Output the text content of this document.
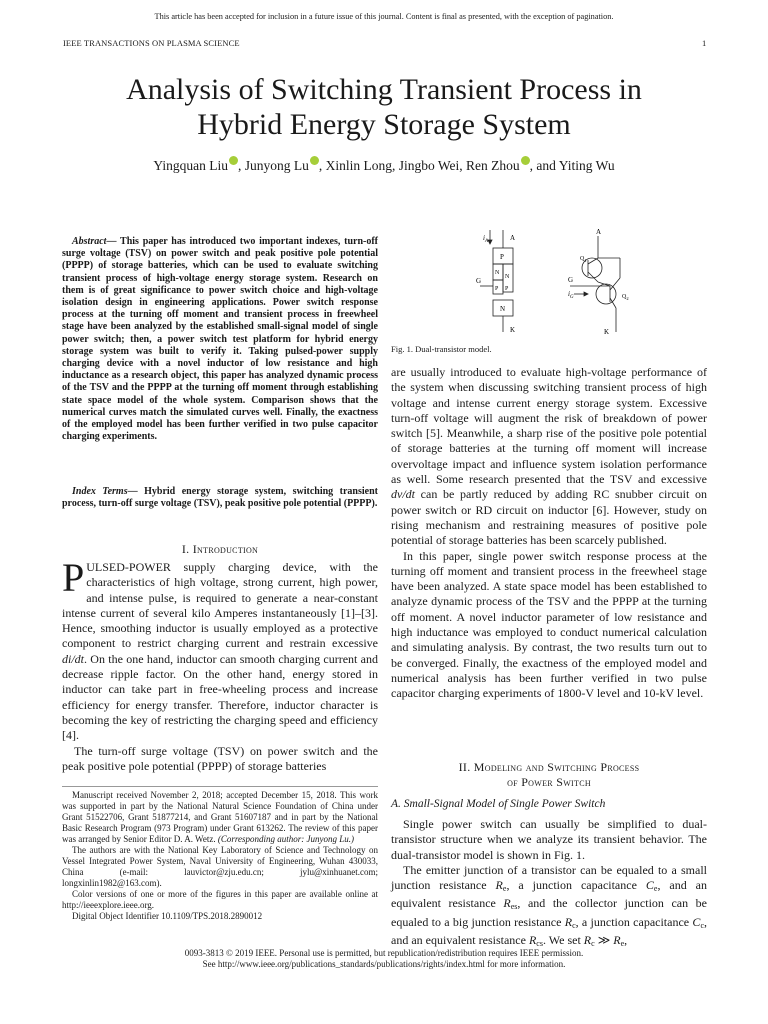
This article has been accepted for inclusion in a future issue of this journal. Content is final as presented, with the exception of pagination.
IEEE TRANSACTIONS ON PLASMA SCIENCE	1
Analysis of Switching Transient Process in
Hybrid Energy Storage System
Yingquan Liu , Junyong Lu , Xinlin Long, Jingbo Wei, Ren Zhou , and Yiting Wu
Abstract— This paper has introduced two important indexes, turn-off surge voltage (TSV) on power switch and peak positive pole potential (PPPP) of storage batteries, which can be used to evaluate switching transient process of high-voltage energy storage system. Research on them is of great significance to power switch choice and high-voltage isolation design in engineering applications. Power switch response process at the turning off moment and transient process in freewheel stage have been analyzed by the established small-signal model of single power switch; then, a power switch test platform for hybrid energy storage system was built to verify it. Taking pulsed-power supply charging device with a novel inductor of low resistance and high inductance as a research object, this paper has analyzed dynamic process of the TSV and the PPPP at the turning off moment through establishing state space model of the whole system. Comparison shows that the numerical curves match the simulated curves well. Finally, the exactness of the employed model has been further verified in two pulse capacitor charging experiments.
Index Terms— Hybrid energy storage system, switching transient process, turn-off surge voltage (TSV), peak positive pole potential (PPPP).
I. Introduction

PULSED-POWER supply charging device, with the characteristics of high voltage, strong current, high power, and intense pulse, is required to generate a near-constant intense current of several kilo Amperes instantaneously [1]–[3]. Hence, smoothing inductor is usually employed as a protective component to restrict charging current and restrain excessive di/dt. On the one hand, inductor can smooth charging current and decrease ripple factor. On the other hand, energy stored in inductor can take part in free-wheeling process and increase efficiency for energy transfer. Therefore, inductor character is becoming the key of restricting the charging speed and efficiency [4].

The turn-off surge voltage (TSV) on power switch and the peak positive pole potential (PPPP) of storage batteries

Manuscript received November 2, 2018; accepted December 15, 2018. This work was supported in part by the National Natural Science Foundation of China under Grant 51522706, Grant 51877214, and Grant 51607187 and in part by the National Basic Research Program (973 Program) under Grant 613262. The review of this paper was arranged by Senior Editor D. A. Wetz. (Corresponding author: Junyong Lu.)

The authors are with the National Key Laboratory of Science and Technology on Vessel Integrated Power System, Naval University of Engineering, Wuhan 430033, China (e-mail: lauvictor@zju.edu.cn; jylu@xinhuanet.com; longxinlin1982@163.com).

Color versions of one or more of the figures in this paper are available online at http://ieeexplore.ieee.org.

Digital Object Identifier 10.1109/TPS.2018.2890012

$i_A$	A
P
N
N
P P
N
G
K
A
$Q_1$
$Q_2$
G
$i_G$
K
Fig. 1. Dual-transistor model.

are usually introduced to evaluate high-voltage performance of the system when discussing switching transient process of high voltage and intense current energy storage system. Excessive turn-off voltage will augment the risk of breakdown of power switch [5]. Meanwhile, a sharp rise of the positive pole potential of storage batteries at the turning off moment will increase overvoltage impact and influence system isolation performance as well. Some research presented that the TSV and excessive dv/dt can be partly reduced by adding RC snubber circuit on power switch or RD circuit on inductor [6]. However, study on rising mechanism and restraining measures of positive pole potential of storage batteries has been scarcely published.

In this paper, single power switch response process at the turning off moment and transient process in the freewheel stage have been analyzed. A state space model has been established to analyze dynamic process of the TSV and the PPPP at the turning off moment. A novel inductor parameter of low resistance and high inductance was employed to conduct numerical calculation and simulating analysis. By contrast, the two results turn out to be converged. Finally, the exactness of the employed model and numerical analysis has been further verified in two pulse capacitor charging experiments of 1800-V level and 10-kV level.

II. Modeling and Switching Process
of Power Switch
A. Small-Signal Model of Single Power Switch

Single power switch can usually be simplified to dual-transistor structure when we analyze its transient behavior. The dual-transistor model is shown in Fig. 1.

The emitter junction of a transistor can be equaled to a small junction resistance $R_e$, a junction capacitance $C_e$, and an equivalent resistance $R_{es}$, and the collector junction can be equaled to a big junction resistance $R_c$, a junction capacitance $C_c$, and an equivalent resistance $R_{cs}$. We set $R_c$ ≫ $R_e$,

0093-3813 © 2019 IEEE. Personal use is permitted, but republication/redistribution requires IEEE permission.
See http://www.ieee.org/publications_standards/publications/rights/index.html for more information.
